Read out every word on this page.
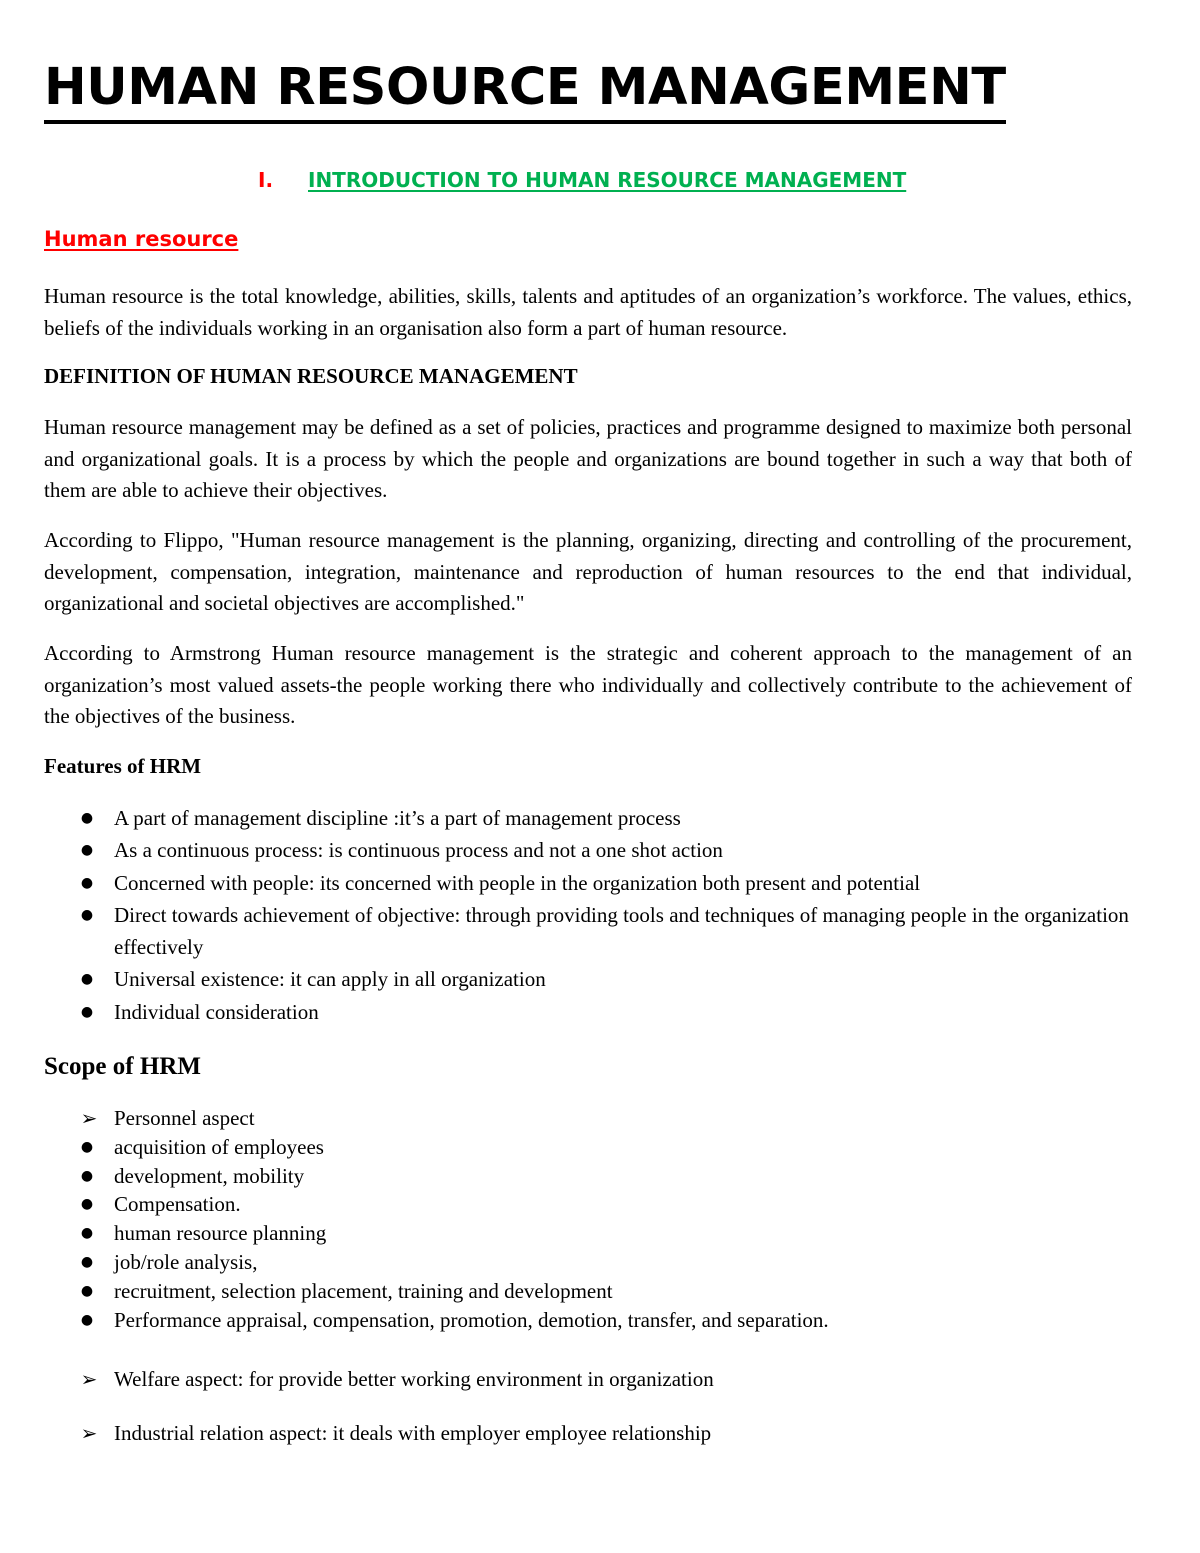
HUMAN RESOURCE MANAGEMENT
I. INTRODUCTION TO HUMAN RESOURCE MANAGEMENT
Human resource

Human resource is the total knowledge, abilities, skills, talents and aptitudes of an organization’s workforce. The values, ethics, beliefs of the individuals working in an organisation also form a part of human resource.

DEFINITION OF HUMAN RESOURCE MANAGEMENT

Human resource management may be defined as a set of policies, practices and programme designed to maximize both personal and organizational goals. It is a process by which the people and organizations are bound together in such a way that both of them are able to achieve their objectives.

According to Flippo, "Human resource management is the planning, organizing, directing and controlling of the procurement, development, compensation, integration, maintenance and reproduction of human resources to the end that individual, organizational and societal objectives are accomplished."

According to Armstrong Human resource management is the strategic and coherent approach to the management of an organization’s most valued assets-the people working there who individually and collectively contribute to the achievement of the objectives of the business.

Features of HRM
● A part of management discipline :it’s a part of management process
● As a continuous process: is continuous process and not a one shot action
● Concerned with people: its concerned with people in the organization both present and potential
● Direct towards achievement of objective: through providing tools and techniques of managing people in the organization effectively
● Universal existence: it can apply in all organization
● Individual consideration
Scope of HRM
➢ Personnel aspect
● acquisition of employees
● development, mobility
● Compensation.
● human resource planning
● job/role analysis,
● recruitment, selection placement, training and development
● Performance appraisal, compensation, promotion, demotion, transfer, and separation.
➢ Welfare aspect: for provide better working environment in organization
➢ Industrial relation aspect: it deals with employer employee relationship
